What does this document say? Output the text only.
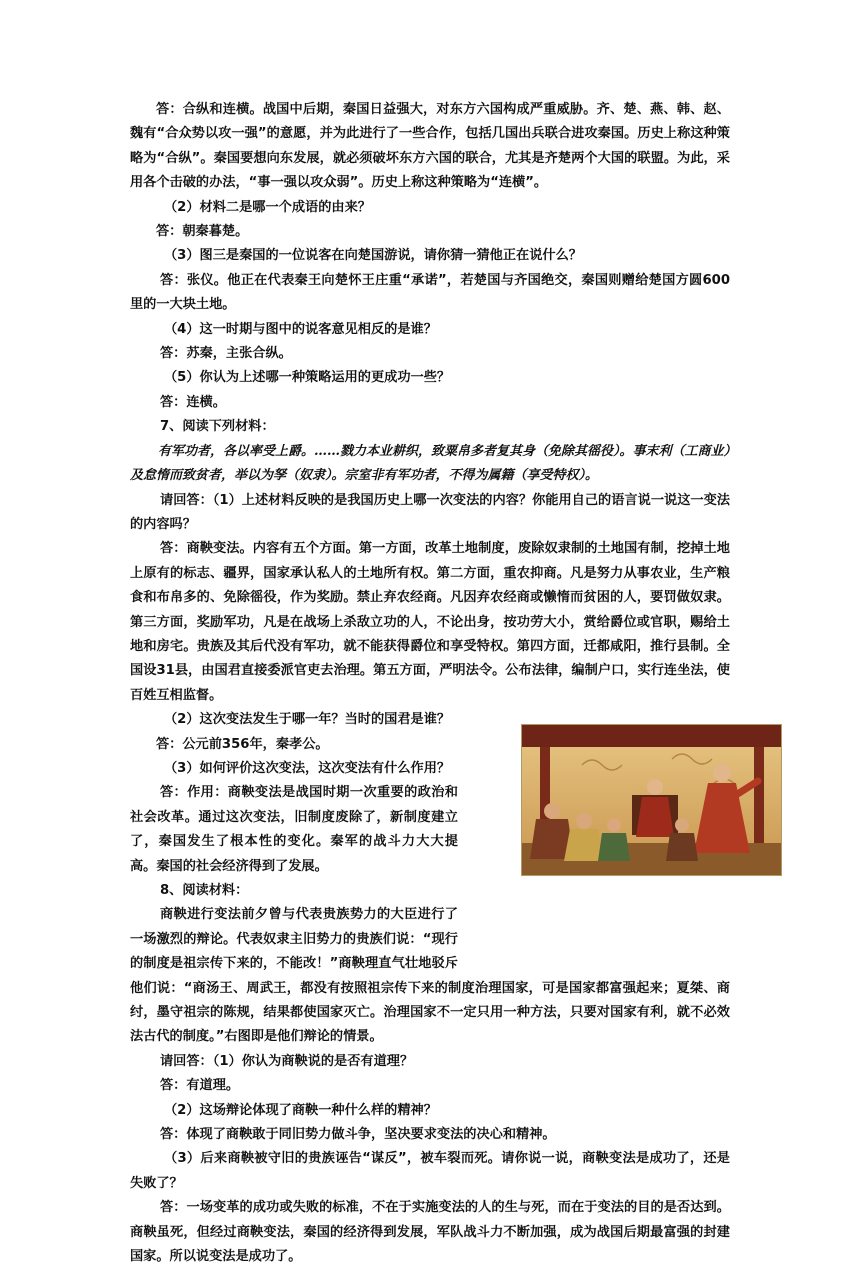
答：合纵和连横。战国中后期，秦国日益强大，对东方六国构成严重威胁。齐、楚、燕、韩、赵、魏有“合众势以攻一强”的意愿，并为此进行了一些合作，包括几国出兵联合进攻秦国。历史上称这种策略为“合纵”。秦国要想向东发展，就必须破坏东方六国的联合，尤其是齐楚两个大国的联盟。为此，采用各个击破的办法，“事一强以攻众弱”。历史上称这种策略为“连横”。

（2）材料二是哪一个成语的由来？

答：朝秦暮楚。

（3）图三是秦国的一位说客在向楚国游说，请你猜一猜他正在说什么？

答：张仪。他正在代表秦王向楚怀王庄重“承诺”，若楚国与齐国绝交，秦国则赠给楚国方圆600里的一大块土地。

（4）这一时期与图中的说客意见相反的是谁？

答：苏秦，主张合纵。

（5）你认为上述哪一种策略运用的更成功一些？

答：连横。

7、阅读下列材料：

有军功者，各以率受上爵。……戮力本业耕织，致粟帛多者复其身（免除其徭役）。事末利（工商业）及怠惰而致贫者，举以为孥（奴隶）。宗室非有军功者，不得为属籍（享受特权）。

请回答：（1）上述材料反映的是我国历史上哪一次变法的内容？你能用自己的语言说一说这一变法的内容吗？

答：商鞅变法。内容有五个方面。第一方面，改革土地制度，废除奴隶制的土地国有制，挖掉土地上原有的标志、疆界，国家承认私人的土地所有权。第二方面，重农抑商。凡是努力从事农业，生产粮食和布帛多的、免除徭役，作为奖励。禁止弃农经商。凡因弃农经商或懒惰而贫困的人，要罚做奴隶。第三方面，奖励军功，凡是在战场上杀敌立功的人，不论出身，按功劳大小，赏给爵位或官职，赐给土地和房宅。贵族及其后代没有军功，就不能获得爵位和享受特权。第四方面，迁都咸阳，推行县制。全国设31县，由国君直接委派官吏去治理。第五方面，严明法令。公布法律，编制户口，实行连坐法，使百姓互相监督。

（2）这次变法发生于哪一年？当时的国君是谁？

答：公元前356年，秦孝公。

（3）如何评价这次变法，这次变法有什么作用？

答：作用：商鞅变法是战国时期一次重要的政治和社会改革。通过这次变法，旧制度废除了，新制度建立了，秦国发生了根本性的变化。秦军的战斗力大大提高。秦国的社会经济得到了发展。

8、阅读材料：

商鞅进行变法前夕曾与代表贵族势力的大臣进行了一场激烈的辩论。代表奴隶主旧势力的贵族们说：“现行的制度是祖宗传下来的，不能改！”商鞅理直气壮地驳斥他们说：“商汤王、周武王，都没有按照祖宗传下来的制度治理国家，可是国家都富强起来；夏桀、商纣，墨守祖宗的陈规，结果都使国家灭亡。治理国家不一定只用一种方法，只要对国家有利，就不必效法古代的制度。”右图即是他们辩论的情景。

请回答：（1）你认为商鞅说的是否有道理？

答：有道理。

（2）这场辩论体现了商鞅一种什么样的精神？

答：体现了商鞅敢于同旧势力做斗争，坚决要求变法的决心和精神。

（3）后来商鞅被守旧的贵族诬告“谋反”，被车裂而死。请你说一说，商鞅变法是成功了，还是失败了？

答：一场变革的成功或失败的标准，不在于实施变法的人的生与死，而在于变法的目的是否达到。商鞅虽死，但经过商鞅变法，秦国的经济得到发展，军队战斗力不断加强，成为战国后期最富强的封建国家。所以说变法是成功了。
